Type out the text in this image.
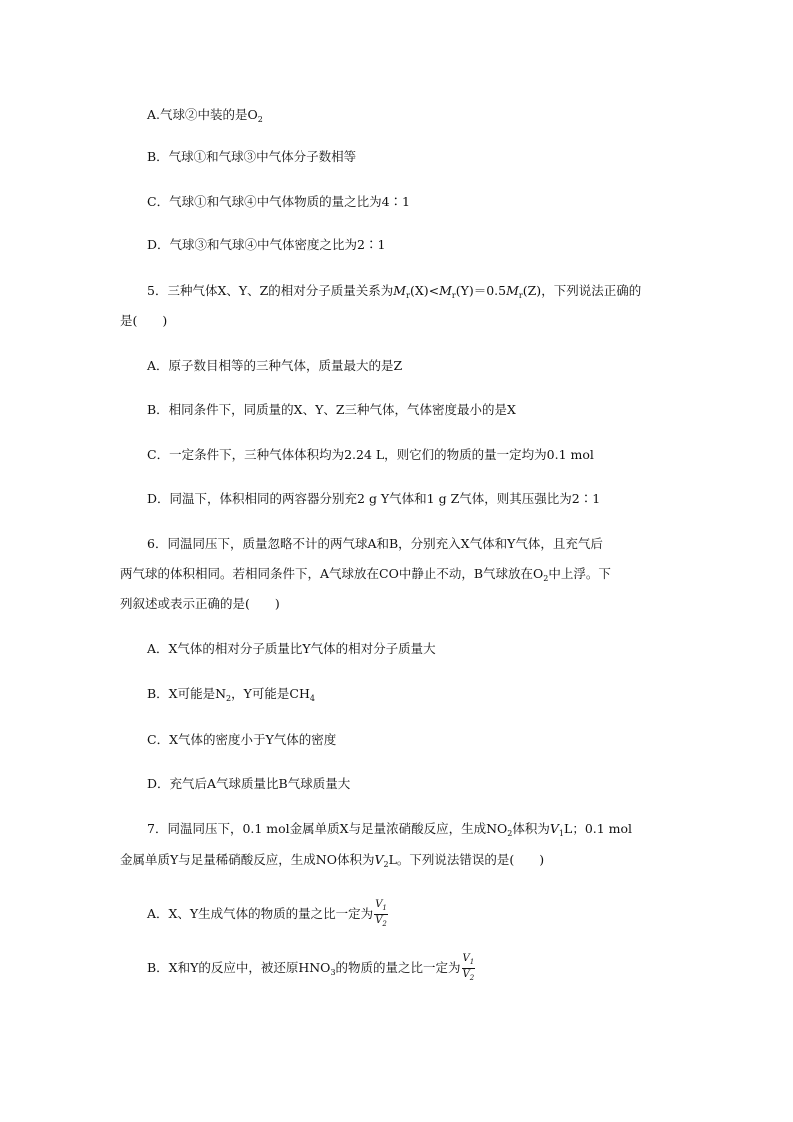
A.气球②中装的是$O_2$
B．气球①和气球③中气体分子数相等
C．气球①和气球④中气体物质的量之比为4∶1
D．气球③和气球④中气体密度之比为2∶1
5．三种气体X、Y、Z的相对分子质量关系为$M_r(X)<M_r(Y)=0.5M_r(Z)$，下列说法正确的
是(　　)
A．原子数目相等的三种气体，质量最大的是Z
B．相同条件下，同质量的X、Y、Z三种气体，气体密度最小的是X
C．一定条件下，三种气体体积均为2.24 L，则它们的物质的量一定均为0.1 mol
D．同温下，体积相同的两容器分别充2 g Y气体和1 g Z气体，则其压强比为2∶1
6．同温同压下，质量忽略不计的两气球A和B，分别充入X气体和Y气体，且充气后
两气球的体积相同。若相同条件下，A气球放在CO中静止不动，B气球放在$O_2$中上浮。下
列叙述或表示正确的是(　　)
A．X气体的相对分子质量比Y气体的相对分子质量大
B．X可能是$N_2$，Y可能是$CH_4$
C．X气体的密度小于Y气体的密度
D．充气后A气球质量比B气球质量大
7．同温同压下，0.1 mol金属单质X与足量浓硝酸反应，生成$NO_2$体积为$V_1L$；0.1 mol
金属单质Y与足量稀硝酸反应，生成NO体积为$V_2L$。下列说法错误的是(　　)
A．X、Y生成气体的物质的量之比一定为 $\frac{V_1}{V_2}$
B．X和Y的反应中，被还原$HNO_3$的物质的量之比一定为 $\frac{V_1}{V_2}$
